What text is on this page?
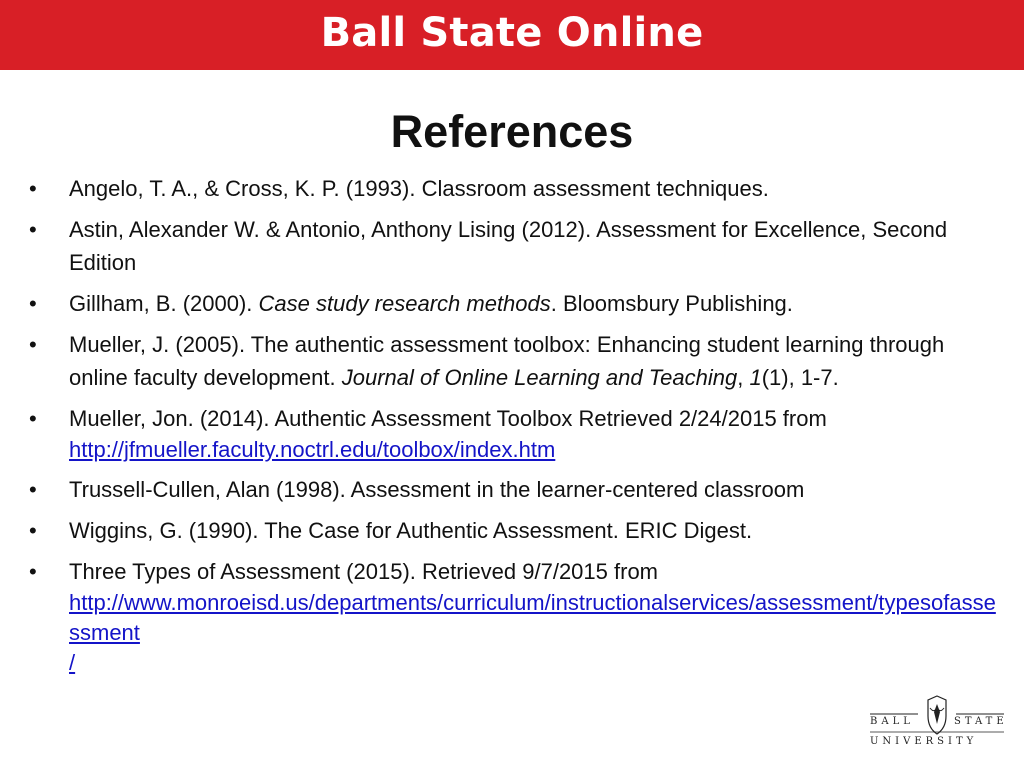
Ball State Online
References
• Angelo, T. A., & Cross, K. P. (1993). Classroom assessment techniques.
• Astin, Alexander W. & Antonio, Anthony Lising (2012). Assessment for Excellence, Second Edition
• Gillham, B. (2000). Case study research methods. Bloomsbury Publishing.
• Mueller, J. (2005). The authentic assessment toolbox: Enhancing student learning through online faculty development. Journal of Online Learning and Teaching, 1(1), 1-7.
• Mueller, Jon. (2014). Authentic Assessment Toolbox Retrieved 2/24/2015 from
http://jfmueller.faculty.noctrl.edu/toolbox/index.htm
• Trussell-Cullen, Alan (1998). Assessment in the learner-centered classroom
• Wiggins, G. (1990). The Case for Authentic Assessment. ERIC Digest.
• Three Types of Assessment (2015). Retrieved 9/7/2015 from
http://www.monroeisd.us/departments/curriculum/instructionalservices/assessment/typesofassessment
/
BALL	STATE
UNIVERSITY
